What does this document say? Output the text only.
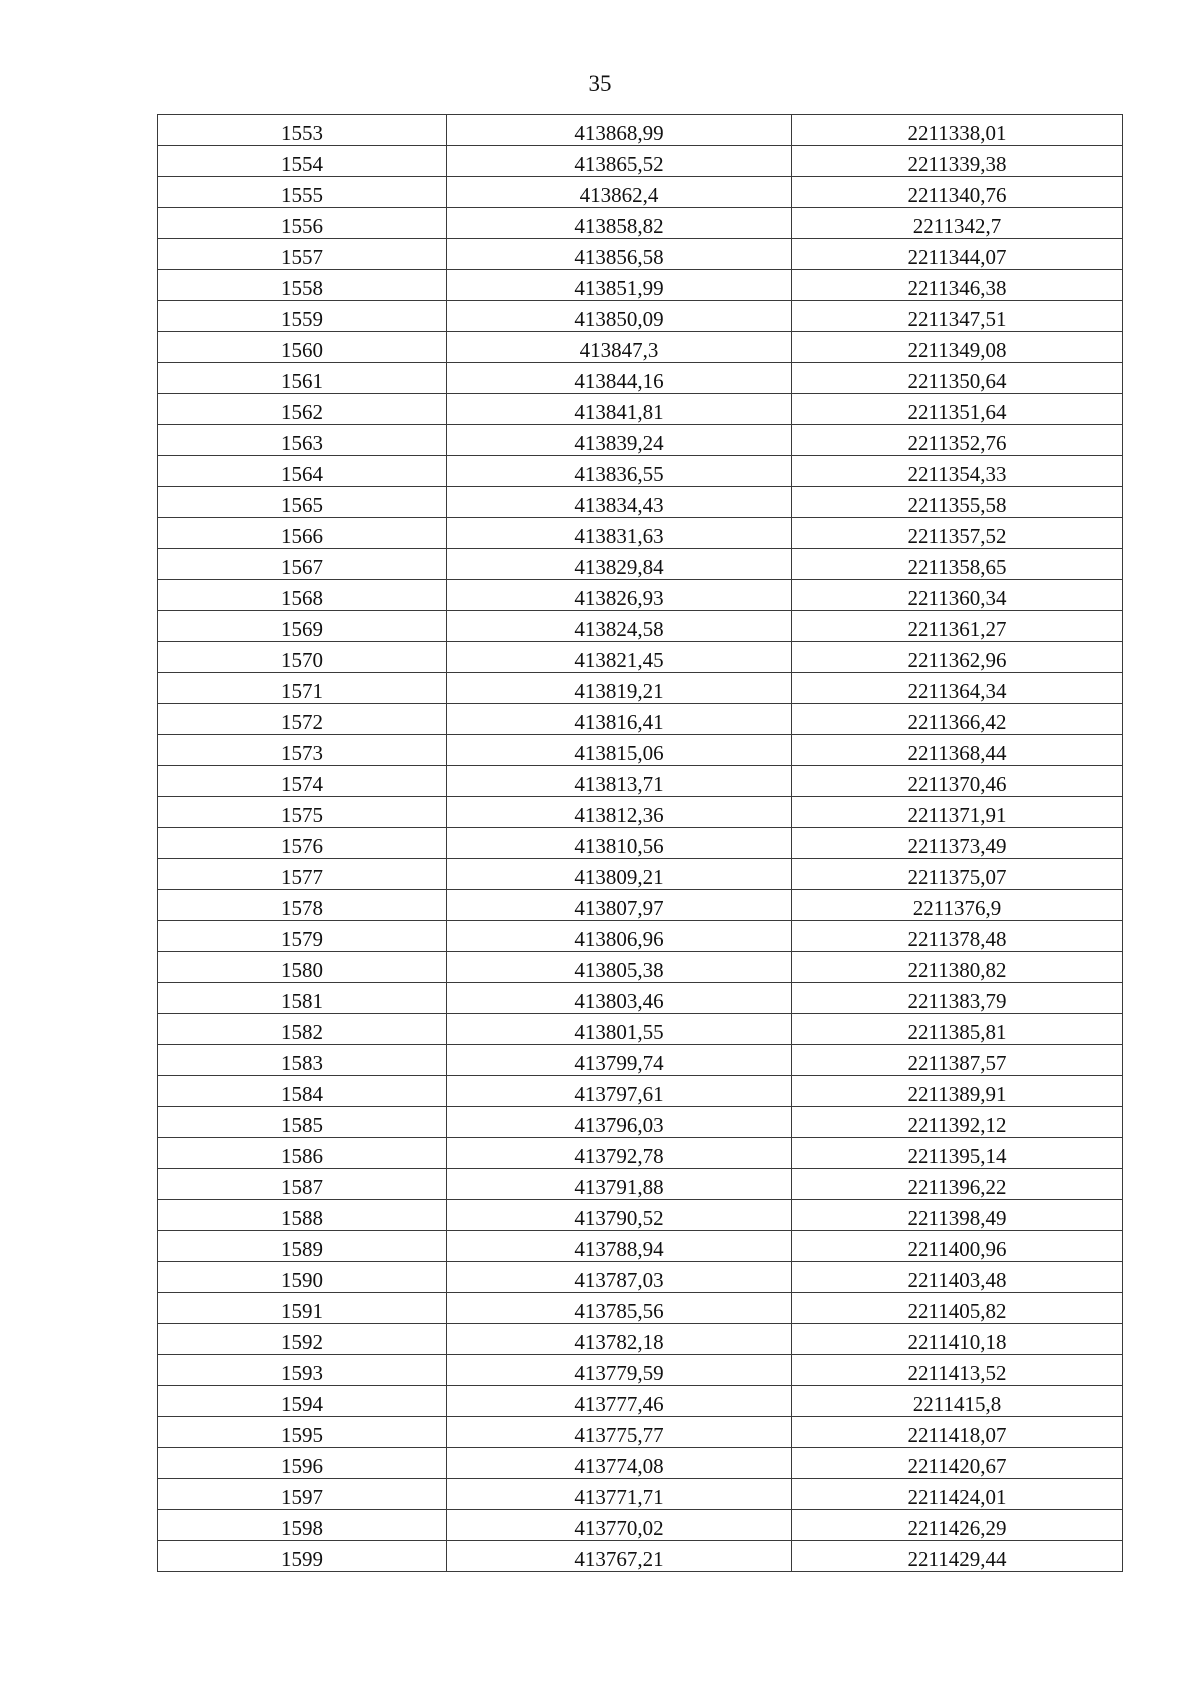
35
1553	413868,99	2211338,01
1554	413865,52	2211339,38
1555	413862,4	2211340,76
1556	413858,82	2211342,7
1557	413856,58	2211344,07
1558	413851,99	2211346,38
1559	413850,09	2211347,51
1560	413847,3	2211349,08
1561	413844,16	2211350,64
1562	413841,81	2211351,64
1563	413839,24	2211352,76
1564	413836,55	2211354,33
1565	413834,43	2211355,58
1566	413831,63	2211357,52
1567	413829,84	2211358,65
1568	413826,93	2211360,34
1569	413824,58	2211361,27
1570	413821,45	2211362,96
1571	413819,21	2211364,34
1572	413816,41	2211366,42
1573	413815,06	2211368,44
1574	413813,71	2211370,46
1575	413812,36	2211371,91
1576	413810,56	2211373,49
1577	413809,21	2211375,07
1578	413807,97	2211376,9
1579	413806,96	2211378,48
1580	413805,38	2211380,82
1581	413803,46	2211383,79
1582	413801,55	2211385,81
1583	413799,74	2211387,57
1584	413797,61	2211389,91
1585	413796,03	2211392,12
1586	413792,78	2211395,14
1587	413791,88	2211396,22
1588	413790,52	2211398,49
1589	413788,94	2211400,96
1590	413787,03	2211403,48
1591	413785,56	2211405,82
1592	413782,18	2211410,18
1593	413779,59	2211413,52
1594	413777,46	2211415,8
1595	413775,77	2211418,07
1596	413774,08	2211420,67
1597	413771,71	2211424,01
1598	413770,02	2211426,29
1599	413767,21	2211429,44
